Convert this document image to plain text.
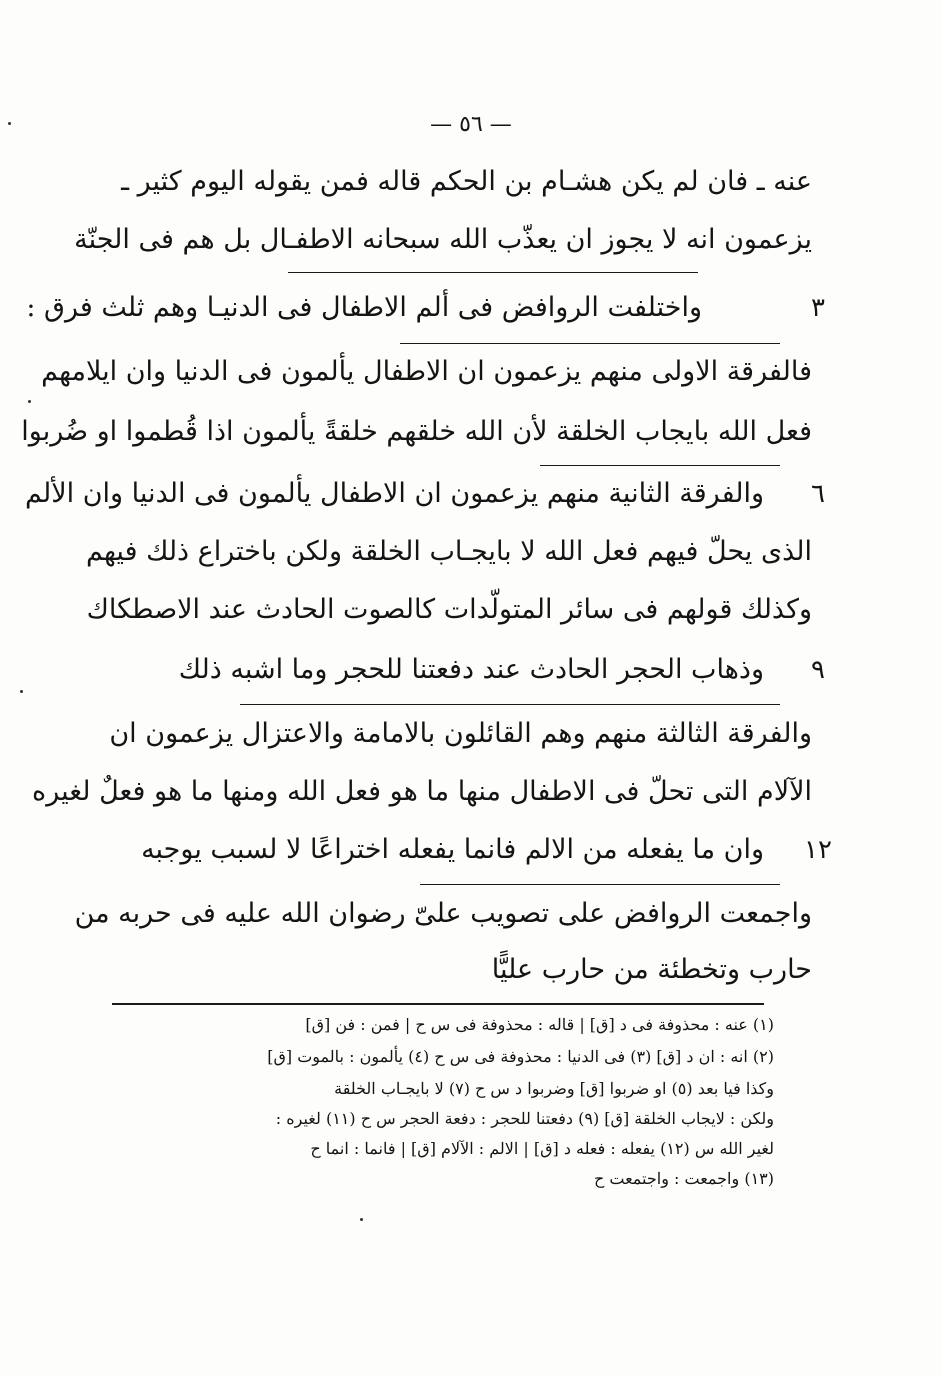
— ٥٦ —
عنه ـ فان لم يكن هشـام بن الحكم قاله فمن يقوله اليوم كثير ـ
يزعمون انه لا يجوز ان يعذّب الله سبحانه الاطفـال بل هم فى الجنّة
واختلفت الروافض فى ألم الاطفال فى الدنيـا وهم ثلث فرق :	٣
فالفرقة الاولى منهم يزعمون ان الاطفال يألمون فى الدنيا وان ايلامهم
فعل الله بايجاب الخلقة لأن الله خلقهم خلقةً يألمون اذا قُطموا او ضُربوا
والفرقة الثانية منهم يزعمون ان الاطفال يألمون فى الدنيا وان الألم ٦
الذى يحلّ فيهم فعل الله لا بايجـاب الخلقة ولكن باختراع ذلك فيهم
وكذلك قولهم فى سائر المتولّدات كالصوت الحادث عند الاصطكاك
وذهاب الحجر الحادث عند دفعتنا للحجر وما اشبه ذلك ٩
والفرقة الثالثة منهم وهم القائلون بالامامة والاعتزال يزعمون ان
الآلام التى تحلّ فى الاطفال منها ما هو فعل الله ومنها ما هو فعلٌ لغيره
وان ما يفعله من الالم فانما يفعله اختراعًا لا لسبب يوجبه ١٢
واجمعت الروافض على تصويب علىّ رضوان الله عليه فى حربه من
حارب وتخطئة من حارب عليًّا
(١) عنه : محذوفة فى د [ق] | قاله : محذوفة فى س ح | فمن : فن [ق]
(٢) انه : ان د [ق] (٣) فى الدنيا : محذوفة فى س ح (٤) يألمون : بالموت [ق]
وكذا فيا بعد (٥) او ضربوا [ق] وضربوا د س ح (٧) لا بايجـاب الخلقة
ولكن : لايجاب الخلقة [ق] (٩) دفعتنا للحجر : دفعة الحجر س ح (١١) لغيره :
لغير الله س (١٢) يفعله : فعله د [ق] | الالم : الآلام [ق] | فانما : انما ح
(١٣) واجمعت : واجتمعت ح
